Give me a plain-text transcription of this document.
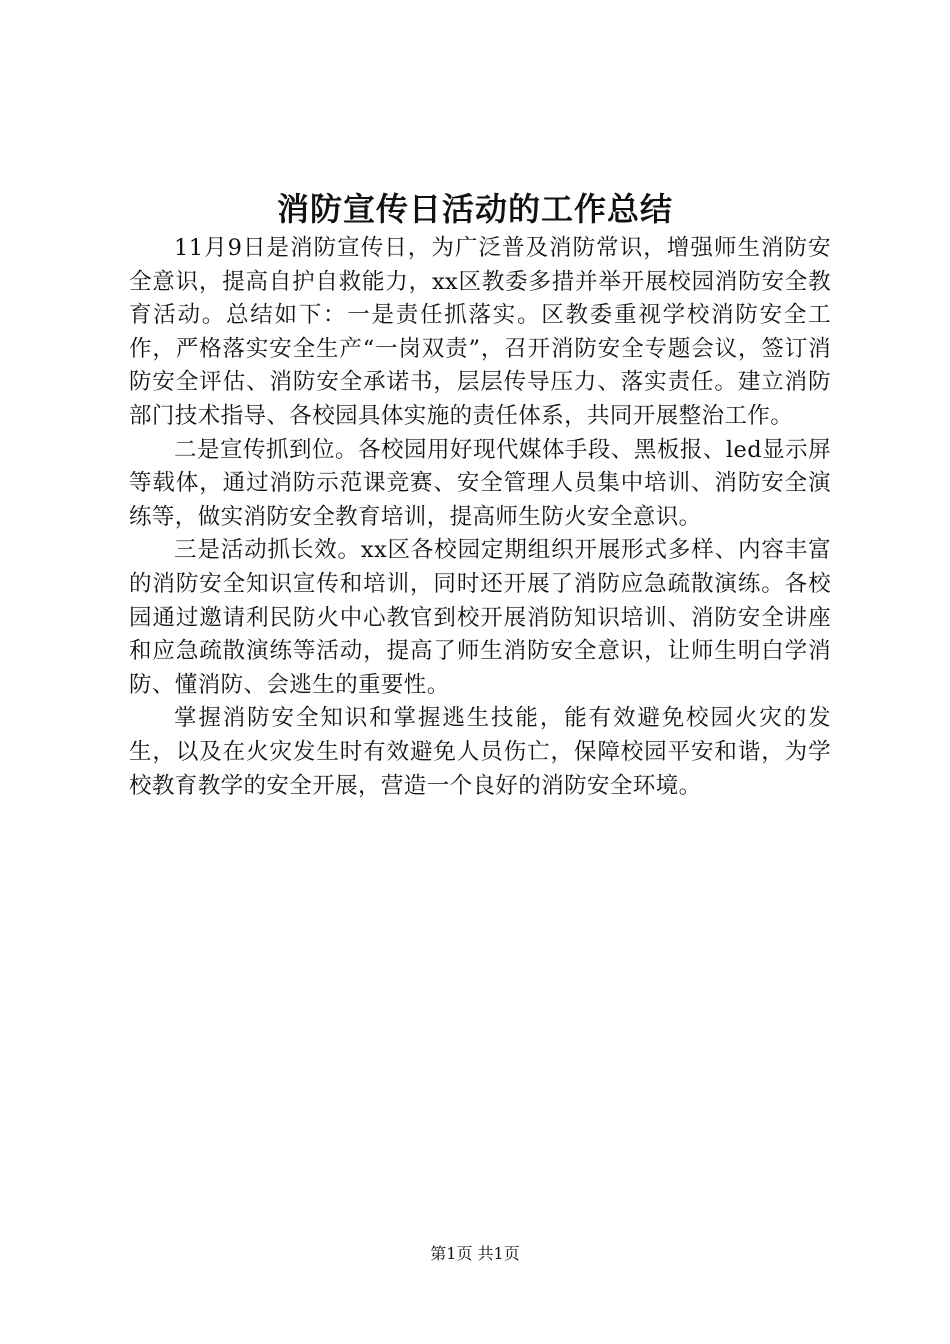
消防宣传日活动的工作总结

11月9日是消防宣传日，为广泛普及消防常识，增强师生消防安全意识，提高自护自救能力，xx区教委多措并举开展校园消防安全教育活动。总结如下：一是责任抓落实。区教委重视学校消防安全工作，严格落实安全生产“一岗双责”，召开消防安全专题会议，签订消防安全评估、消防安全承诺书，层层传导压力、落实责任。建立消防部门技术指导、各校园具体实施的责任体系，共同开展整治工作。

二是宣传抓到位。各校园用好现代媒体手段、黑板报、led显示屏等载体，通过消防示范课竞赛、安全管理人员集中培训、消防安全演练等，做实消防安全教育培训，提高师生防火安全意识。

三是活动抓长效。xx区各校园定期组织开展形式多样、内容丰富的消防安全知识宣传和培训，同时还开展了消防应急疏散演练。各校园通过邀请利民防火中心教官到校开展消防知识培训、消防安全讲座和应急疏散演练等活动，提高了师生消防安全意识，让师生明白学消防、懂消防、会逃生的重要性。

掌握消防安全知识和掌握逃生技能，能有效避免校园火灾的发生，以及在火灾发生时有效避免人员伤亡，保障校园平安和谐，为学校教育教学的安全开展，营造一个良好的消防安全环境。

第1页 共1页
